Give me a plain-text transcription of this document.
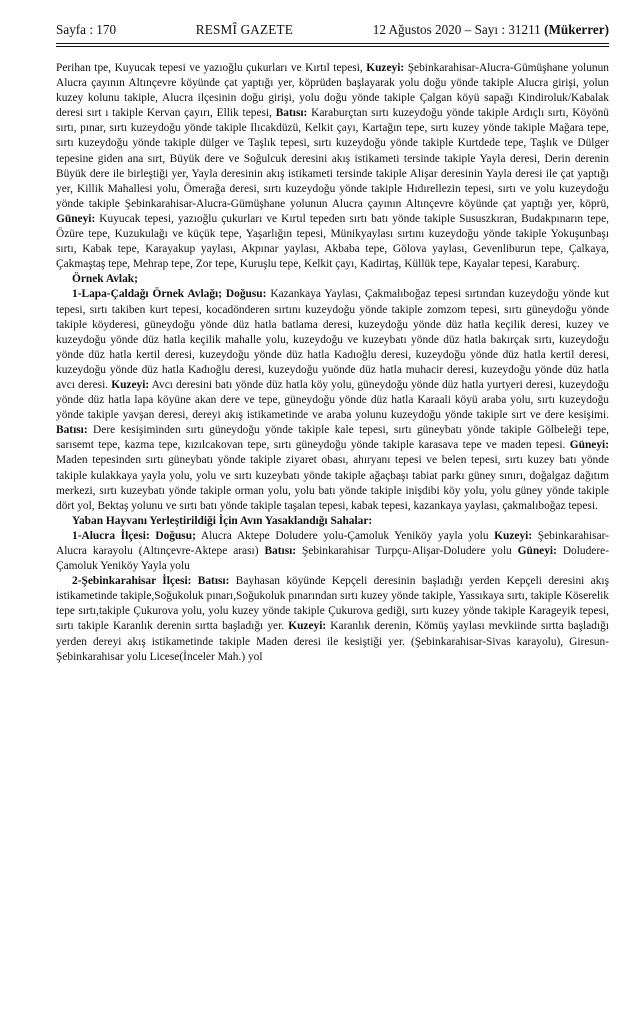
Sayfa : 170	RESMÎ GAZETE	12 Ağustos 2020 – Sayı : 31211 (Mükerrer)

Perihan tpe, Kuyucak tepesi ve yazıoğlu çukurları ve Kırtıl tepesi, Kuzeyi: Şebinkarahisar-Alucra-Gümüşhane yolunun Alucra çayının Altınçevre köyünde çat yaptığı yer, köprüden başlayarak yolu doğu yönde takiple Alucra girişi, yolun kuzey kolunu takiple, Alucra ilçesinin doğu girişi, yolu doğu yönde takiple Çalgan köyü sapağı Kindiroluk/Kabalak deresi sırt ı takiple Kervan çayırı, Ellik tepesi, Batısı: Karaburçtan sırtı kuzeydoğu yönde takiple Ardıçlı sırtı, Köyönü sırtı, pınar, sırtı kuzeydoğu yönde takiple Ilıcakdüzü, Kelkit çayı, Kartağın tepe, sırtı kuzey yönde takiple Mağara tepe, sırtı kuzeydoğu yönde takiple dülger ve Taşlık tepesi, sırtı kuzeydoğu yönde takiple Kurtdede tepe, Taşlık ve Dülger tepesine giden ana sırt, Büyük dere ve Soğulcuk deresini akış istikameti tersinde takiple Yayla deresi, Derin derenin Büyük dere ile birleştiği yer, Yayla deresinin akış istikameti tersinde takiple Alişar deresinin Yayla deresi ile çat yaptığı yer, Killik Mahallesi yolu, Ömerağa deresi, sırtı kuzeydoğu yönde takiple Hıdırellezin tepesi, sırtı ve yolu kuzeydoğu yönde takiple Şebinkarahisar-Alucra-Gümüşhane yolunun Alucra çayının Altınçevre köyünde çat yaptığı yer, köprü, Güneyi: Kuyucak tepesi, yazıoğlu çukurları ve Kırtıl tepeden sırtı batı yönde takiple Sususzkıran, Budakpınarın tepe, Özüre tepe, Kuzukulağı ve küçük tepe, Yaşarlığın tepesi, Münikyaylası sırtını kuzeydoğu yönde takiple Yokuşunbaşı sırtı, Kabak tepe, Karayakup yaylası, Akpınar yaylası, Akbaba tepe, Gölova yaylası, Gevenliburun tepe, Çalkaya, Çakmaştaş tepe, Mehrap tepe, Zor tepe, Kuruşlu tepe, Kelkit çayı, Kadirtaş, Küllük tepe, Kayalar tepesi, Karaburç.

Örnek Avlak;

1-Lapa-Çaldağı Örnek Avlağı; Doğusu: Kazankaya Yaylası, Çakmalıboğaz tepesi sırtından kuzeydoğu yönde kut tepesi, sırtı takiben kurt tepesi, kocadönderen sırtını kuzeydoğu yönde takiple zomzom tepesi, sırtı güneydoğu yönde takiple köyderesi, güneydoğu yönde düz hatla batlama deresi, kuzeydoğu yönde düz hatla keçilik deresi, kuzey ve kuzeydoğu yönde düz hatla keçilik mahalle yolu, kuzeydoğu ve kuzeybatı yönde düz hatla bakırçak sırtı, kuzeydoğu yönde düz hatla kertil deresi, kuzeydoğu yönde düz hatla Kadıoğlu deresi, kuzeydoğu yönde düz hatla kertil deresi, kuzeydoğu yönde düz hatla Kadıoğlu deresi, kuzeydoğu yuönde düz hatla muhacir deresi, kuzeydoğu yönde düz hatla avcı deresi. Kuzeyi: Avcı deresini batı yönde düz hatla köy yolu, güneydoğu yönde düz hatla yurtyeri deresi, kuzeydoğu yönde düz hatla lapa köyüne akan dere ve tepe, güneydoğu yönde düz hatla Karaali köyü araba yolu, sırtı kuzeydoğu yönde takiple yavşan deresi, dereyi akış istikametinde ve araba yolunu kuzeydoğu yönde takiple sırt ve dere kesişimi. Batısı: Dere kesişiminden sırtı güneydoğu yönde takiple kale tepesi, sırtı güneybatı yönde takiple Gölbeleği tepe, sarısemt tepe, kazma tepe, kızılcakovan tepe, sırtı güneydoğu yönde takiple karasava tepe ve maden tepesi. Güneyi: Maden tepesinden sırtı güneybatı yönde takiple ziyaret obası, ahıryanı tepesi ve belen tepesi, sırtı kuzey batı yönde takiple kulakkaya yayla yolu, yolu ve sırtı kuzeybatı yönde takiple ağaçbaşı tabiat parkı güney sınırı, doğalgaz dağıtım merkezi, sırtı kuzeybatı yönde takiple orman yolu, yolu batı yönde takiple inişdibi köy yolu, yolu güney yönde takiple dört yol, Bektaş yolunu ve sırtı batı yönde takiple taşalan tepesi, kabak tepesi, kazankaya yaylası, çakmalıboğaz tepesi.

Yaban Hayvanı Yerleştirildiği İçin Avın Yasaklandığı Sahalar:

1-Alucra İlçesi: Doğusu; Alucra Aktepe Doludere yolu-Çamoluk Yeniköy yayla yolu Kuzeyi: Şebinkarahisar-Alucra karayolu (Altınçevre-Aktepe arası) Batısı: Şebinkarahisar Turpçu-Alişar-Doludere yolu Güneyi: Doludere-Çamoluk Yeniköy Yayla yolu

2-Şebinkarahisar İlçesi: Batısı: Bayhasan köyünde Kepçeli deresinin başladığı yerden Kepçeli deresini akış istikametinde takiple,Soğukoluk pınarı,Soğukoluk pınarından sırtı kuzey yönde takiple, Yassıkaya sırtı, takiple Köserelik tepe sırtı,takiple Çukurova yolu, yolu kuzey yönde takiple Çukurova gediği, sırtı kuzey yönde takiple Karageyik tepesi, sırtı takiple Karanlık derenin sırtta başladığı yer. Kuzeyi: Karanlık derenin, Kömüş yaylası mevkiinde sırtta başladığı yerden dereyi akış istikametinde takiple Maden deresi ile kesiştiği yer. (Şebinkarahisar-Sivas karayolu), Giresun-Şebinkarahisar yolu Licese(İnceler Mah.) yol
